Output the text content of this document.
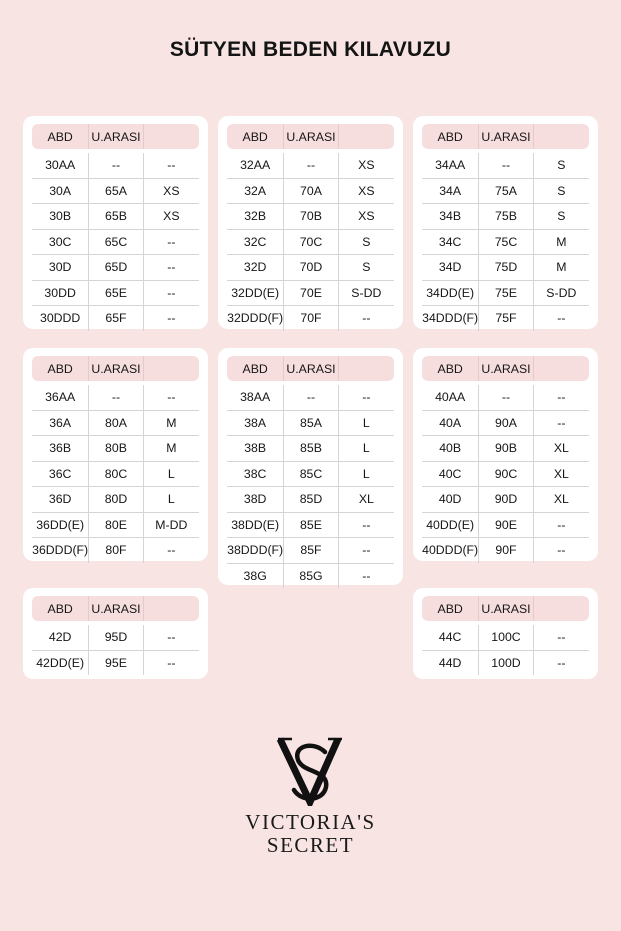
SÜTYEN BEDEN KILAVUZU
ABD	U.ARASI
30AA	--	--
30A	65A	XS
30B	65B	XS
30C	65C	--
30D	65D	--
30DD	65E	--
30DDD	65F	--
ABD	U.ARASI
32AA	--	XS
32A	70A	XS
32B	70B	XS
32C	70C	S
32D	70D	S
32DD(E)	70E	S-DD
32DDD(F)	70F	--
ABD	U.ARASI
34AA	--	S
34A	75A	S
34B	75B	S
34C	75C	M
34D	75D	M
34DD(E)	75E	S-DD
34DDD(F)	75F	--
ABD	U.ARASI
36AA	--	--
36A	80A	M
36B	80B	M
36C	80C	L
36D	80D	L
36DD(E)	80E	M-DD
36DDD(F)	80F	--
ABD	U.ARASI
38AA	--	--
38A	85A	L
38B	85B	L
38C	85C	L
38D	85D	XL
38DD(E)	85E	--
38DDD(F)	85F	--
38G	85G	--
ABD	U.ARASI
40AA	--	--
40A	90A	--
40B	90B	XL
40C	90C	XL
40D	90D	XL
40DD(E)	90E	--
40DDD(F)	90F	--
ABD	U.ARASI
42D	95D	--
42DD(E)	95E	--
ABD	U.ARASI
44C	100C	--
44D	100D	--
VICTORIA'S
SECRET
